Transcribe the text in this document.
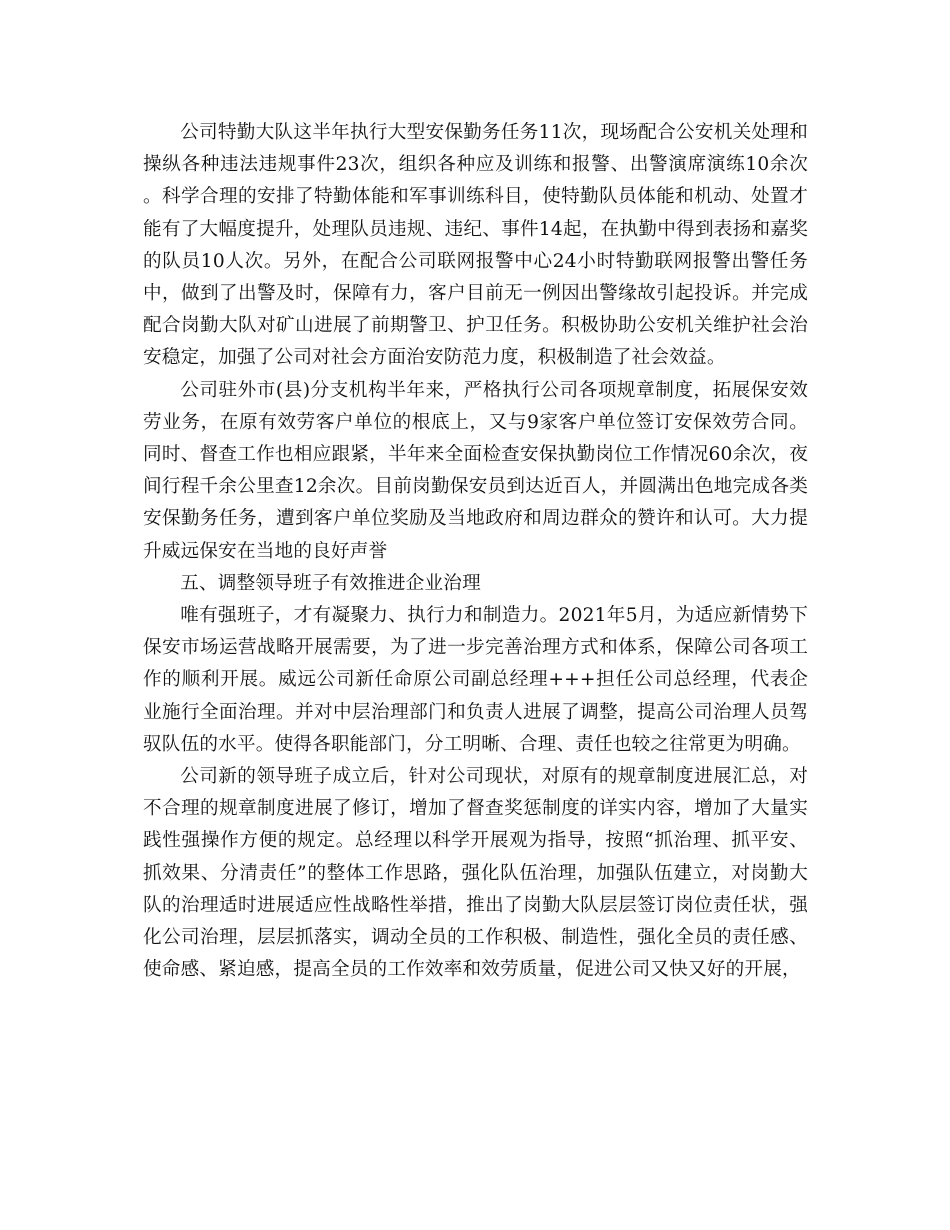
公司特勤大队这半年执行大型安保勤务任务11次，现场配合公安机关处理和操纵各种违法违规事件23次，组织各种应及训练和报警、出警演席演练10余次。科学合理的安排了特勤体能和军事训练科目，使特勤队员体能和机动、处置才能有了大幅度提升，处理队员违规、违纪、事件14起，在执勤中得到表扬和嘉奖的队员10人次。另外，在配合公司联网报警中心24小时特勤联网报警出警任务中，做到了出警及时，保障有力，客户目前无一例因出警缘故引起投诉。并完成配合岗勤大队对矿山进展了前期警卫、护卫任务。积极协助公安机关维护社会治安稳定，加强了公司对社会方面治安防范力度，积极制造了社会效益。

公司驻外市(县)分支机构半年来，严格执行公司各项规章制度，拓展保安效劳业务，在原有效劳客户单位的根底上，又与9家客户单位签订安保效劳合同。同时、督查工作也相应跟紧，半年来全面检查安保执勤岗位工作情况60余次，夜间行程千余公里查12余次。目前岗勤保安员到达近百人，并圆满出色地完成各类安保勤务任务，遭到客户单位奖励及当地政府和周边群众的赞许和认可。大力提升威远保安在当地的良好声誉

五、调整领导班子有效推进企业治理

唯有强班子，才有凝聚力、执行力和制造力。2021年5月，为适应新情势下保安市场运营战略开展需要，为了进一步完善治理方式和体系，保障公司各项工作的顺利开展。威远公司新任命原公司副总经理+++担任公司总经理，代表企业施行全面治理。并对中层治理部门和负责人进展了调整，提高公司治理人员驾驭队伍的水平。使得各职能部门，分工明晰、合理、责任也较之往常更为明确。

公司新的领导班子成立后，针对公司现状，对原有的规章制度进展汇总，对不合理的规章制度进展了修订，增加了督查奖惩制度的详实内容，增加了大量实践性强操作方便的规定。总经理以科学开展观为指导，按照“抓治理、抓平安、抓效果、分清责任”的整体工作思路，强化队伍治理，加强队伍建立，对岗勤大队的治理适时进展适应性战略性举措，推出了岗勤大队层层签订岗位责任状，强化公司治理，层层抓落实，调动全员的工作积极、制造性，强化全员的责任感、使命感、紧迫感，提高全员的工作效率和效劳质量，促进公司又快又好的开展，
